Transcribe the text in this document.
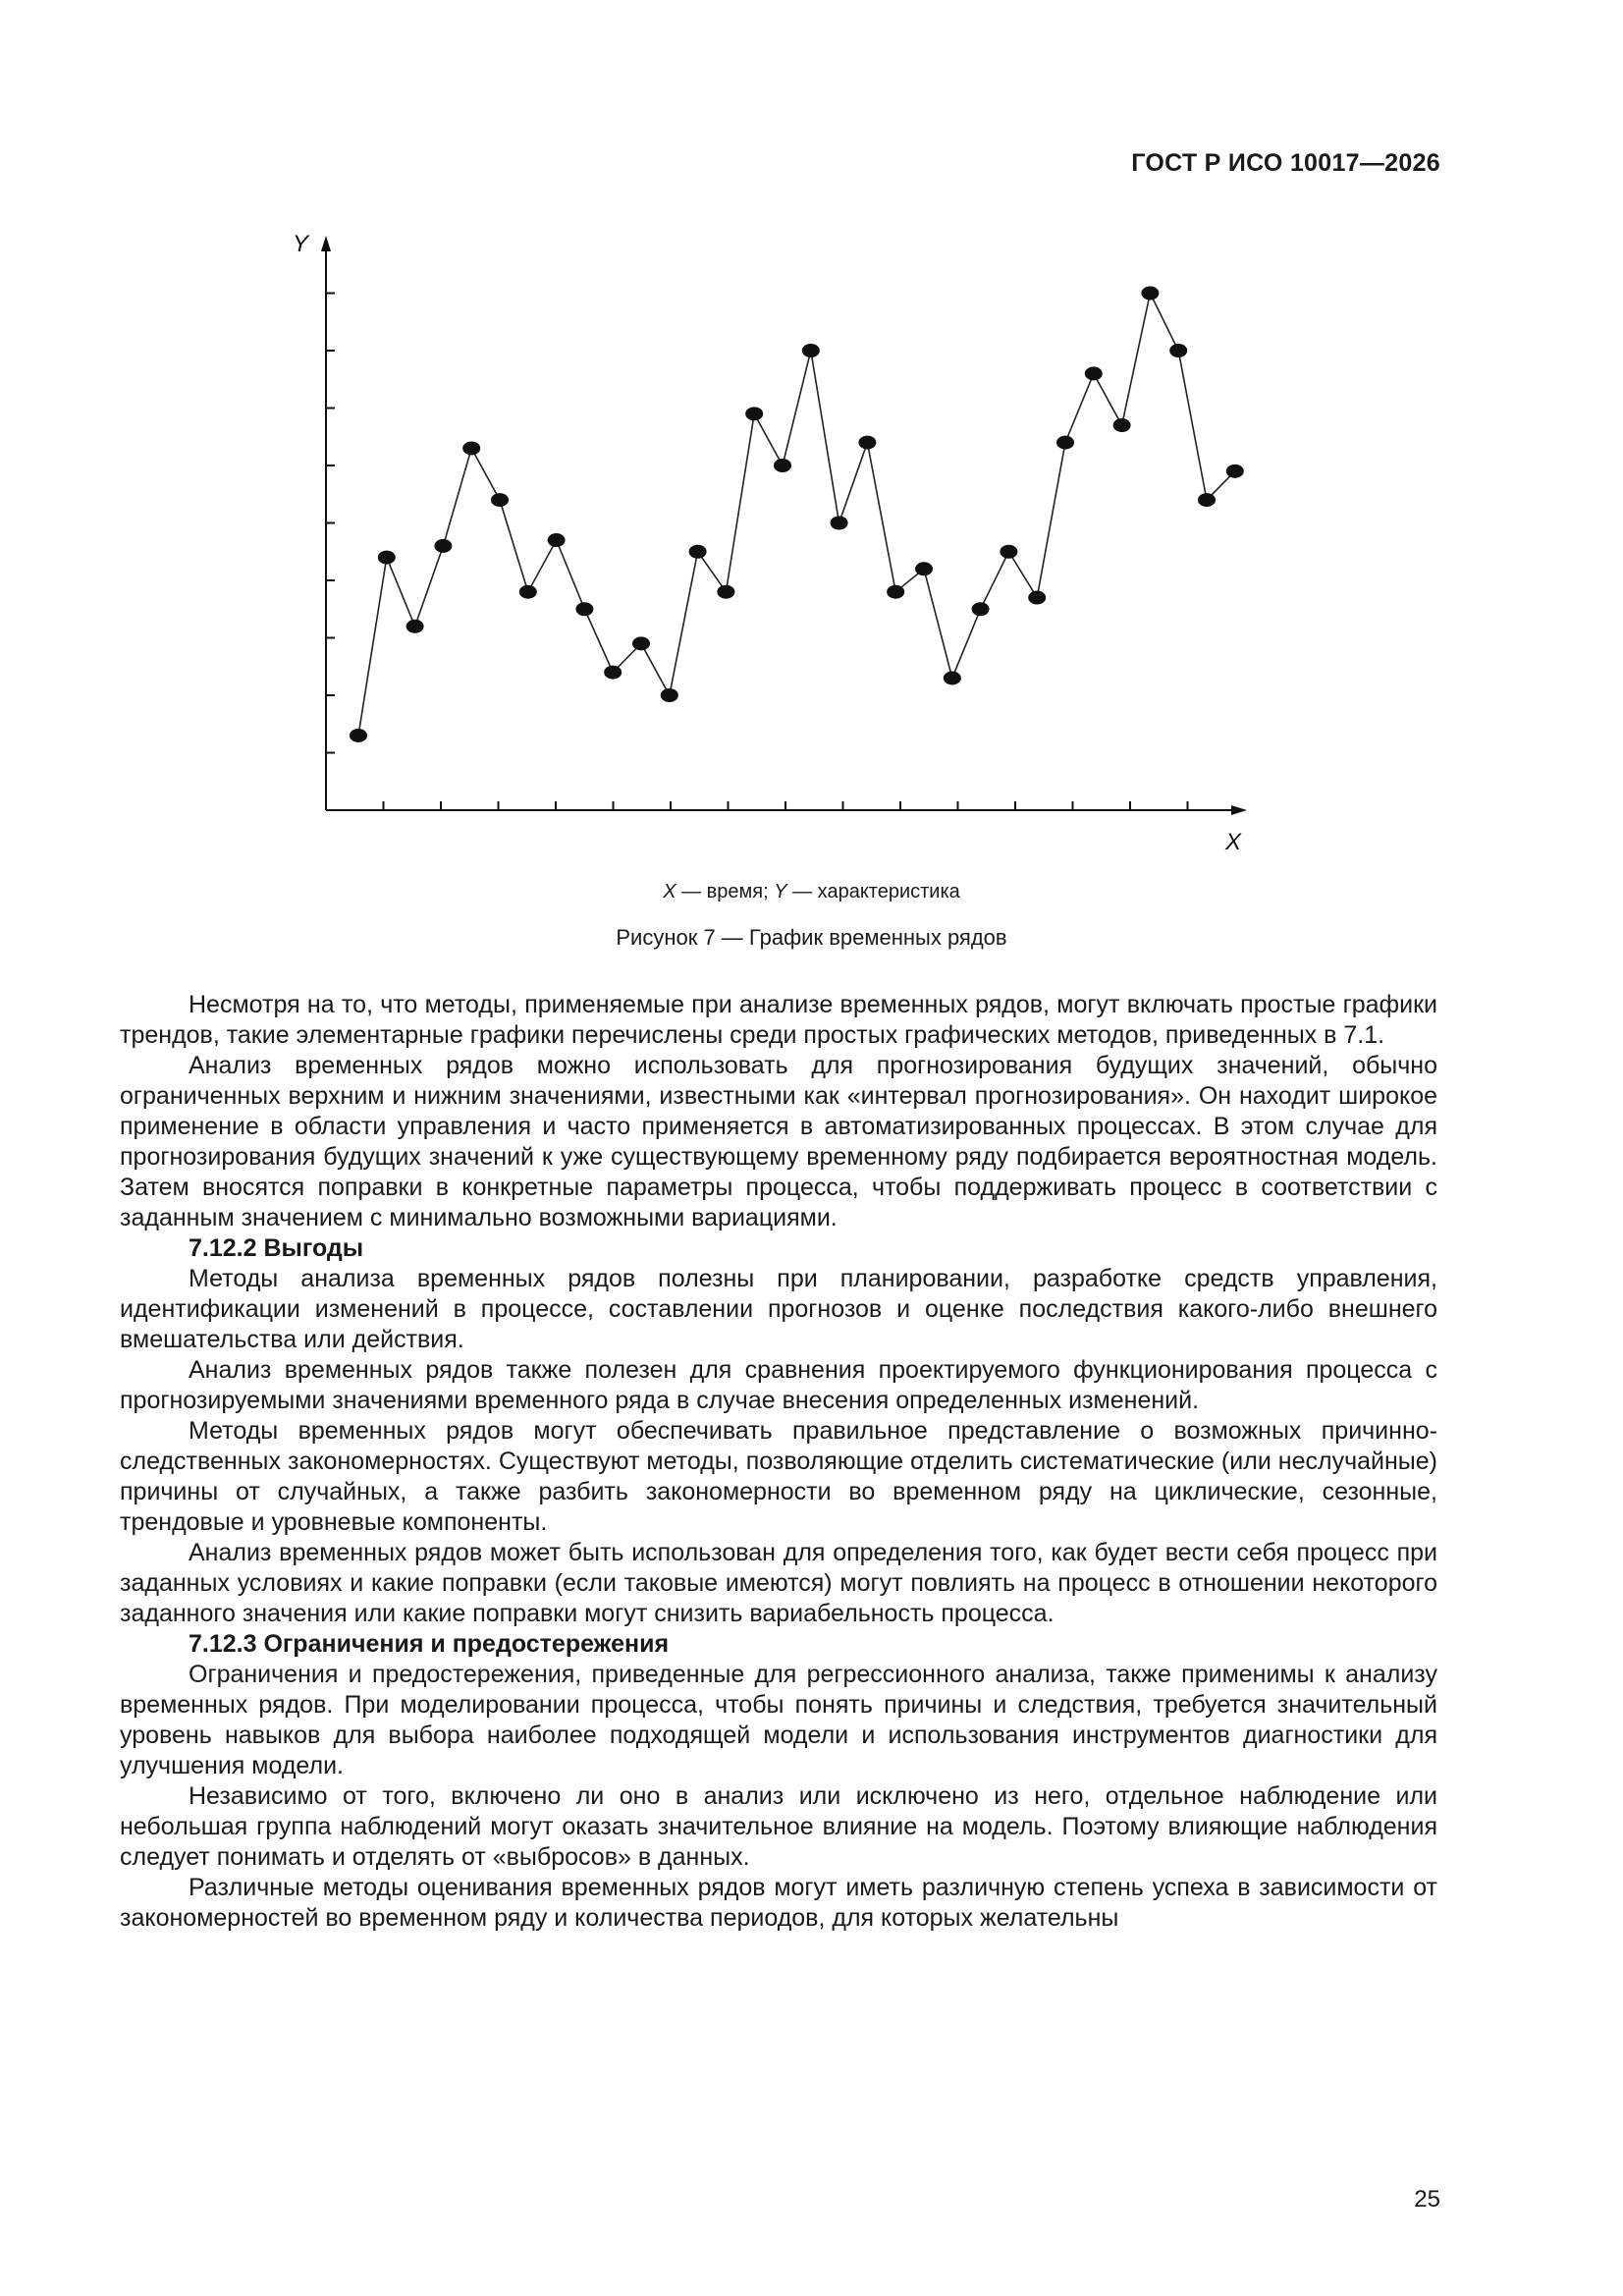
ГОСТ Р ИСО 10017—2026
Y
X
X — время; Y — характеристика
Рисунок 7 — График временных рядов

Несмотря на то, что методы, применяемые при анализе временных рядов, могут включать простые графики трендов, такие элементарные графики перечислены среди простых графических методов, приведенных в 7.1.

Анализ временных рядов можно использовать для прогнозирования будущих значений, обычно ограниченных верхним и нижним значениями, известными как «интервал прогнозирования». Он находит широкое применение в области управления и часто применяется в автоматизированных процессах. В этом случае для прогнозирования будущих значений к уже существующему временному ряду подбирается вероятностная модель. Затем вносятся поправки в конкретные параметры процесса, чтобы поддерживать процесс в соответствии с заданным значением с минимально возможными вариациями.

7.12.2 Выгоды

Методы анализа временных рядов полезны при планировании, разработке средств управления, идентификации изменений в процессе, составлении прогнозов и оценке последствия какого-либо внешнего вмешательства или действия.

Анализ временных рядов также полезен для сравнения проектируемого функционирования процесса с прогнозируемыми значениями временного ряда в случае внесения определенных изменений.

Методы временных рядов могут обеспечивать правильное представление о возможных причинно-следственных закономерностях. Существуют методы, позволяющие отделить систематические (или неслучайные) причины от случайных, а также разбить закономерности во временном ряду на циклические, сезонные, трендовые и уровневые компоненты.

Анализ временных рядов может быть использован для определения того, как будет вести себя процесс при заданных условиях и какие поправки (если таковые имеются) могут повлиять на процесс в отношении некоторого заданного значения или какие поправки могут снизить вариабельность процесса.

7.12.3 Ограничения и предостережения

Ограничения и предостережения, приведенные для регрессионного анализа, также применимы к анализу временных рядов. При моделировании процесса, чтобы понять причины и следствия, требуется значительный уровень навыков для выбора наиболее подходящей модели и использования инструментов диагностики для улучшения модели.

Независимо от того, включено ли оно в анализ или исключено из него, отдельное наблюдение или небольшая группа наблюдений могут оказать значительное влияние на модель. Поэтому влияющие наблюдения следует понимать и отделять от «выбросов» в данных.

Различные методы оценивания временных рядов могут иметь различную степень успеха в зависимости от закономерностей во временном ряду и количества периодов, для которых желательны

25
